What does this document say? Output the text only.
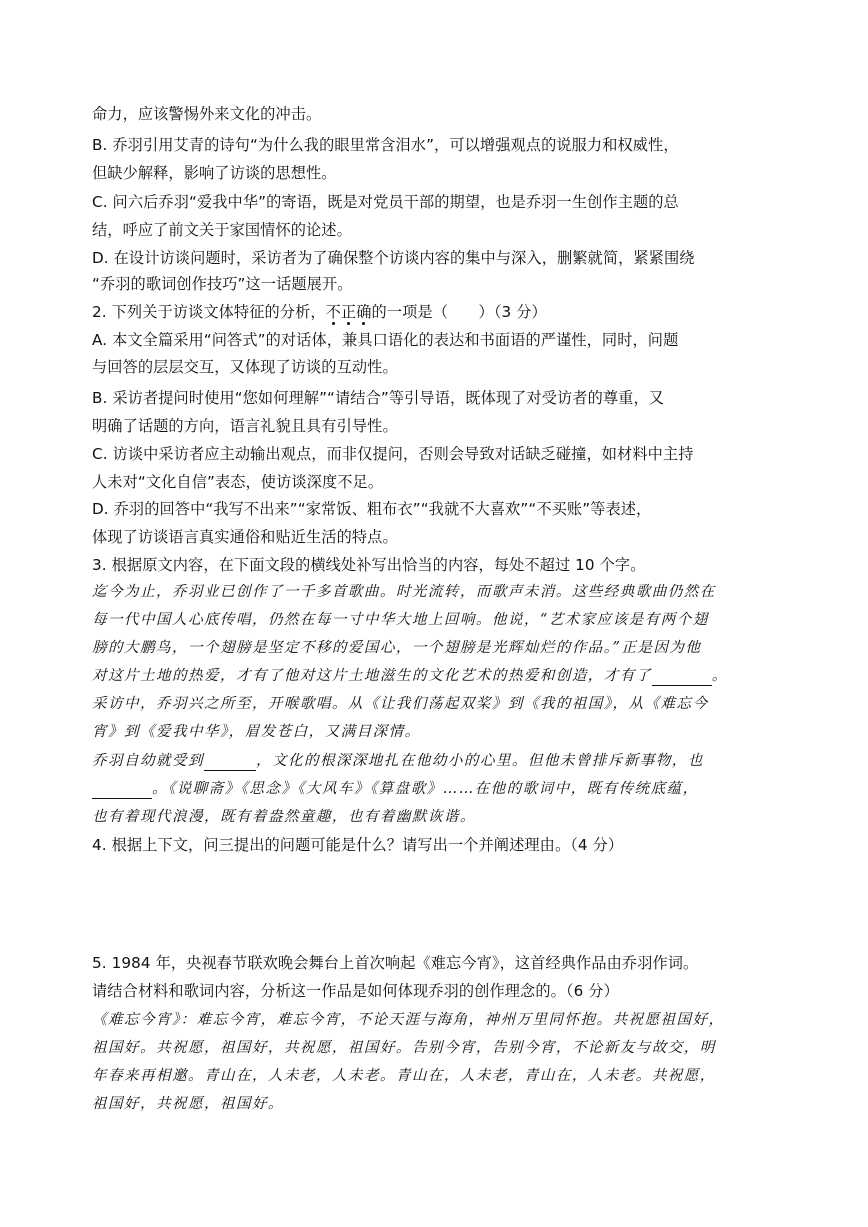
命力，应该警惕外来文化的冲击。
B. 乔羽引用艾青的诗句“为什么我的眼里常含泪水”，可以增强观点的说服力和权威性，
但缺少解释，影响了访谈的思想性。
C. 问六后乔羽“爱我中华”的寄语，既是对党员干部的期望，也是乔羽一生创作主题的总
结，呼应了前文关于家国情怀的论述。
D. 在设计访谈问题时，采访者为了确保整个访谈内容的集中与深入，删繁就简，紧紧围绕
“乔羽的歌词创作技巧”这一话题展开。
2. 下列关于访谈文体特征的分析，不正确的一项是（　　）（3 分）
A. 本文全篇采用“问答式”的对话体，兼具口语化的表达和书面语的严谨性，同时，问题
与回答的层层交互，又体现了访谈的互动性。
B. 采访者提问时使用“您如何理解”“请结合”等引导语，既体现了对受访者的尊重，又
明确了话题的方向，语言礼貌且具有引导性。
C. 访谈中采访者应主动输出观点，而非仅提问，否则会导致对话缺乏碰撞，如材料中主持
人未对“文化自信”表态，使访谈深度不足。
D. 乔羽的回答中“我写不出来”“家常饭、粗布衣”“我就不大喜欢”“不买账”等表述，
体现了访谈语言真实通俗和贴近生活的特点。
3. 根据原文内容，在下面文段的横线处补写出恰当的内容，每处不超过 10 个字。
迄今为止，乔羽业已创作了一千多首歌曲。时光流转，而歌声未消。这些经典歌曲仍然在
每一代中国人心底传唱，仍然在每一寸中华大地上回响。他说，“艺术家应该是有两个翅
膀的大鹏鸟，一个翅膀是坚定不移的爱国心，一个翅膀是光辉灿烂的作品。”正是因为他
对这片土地的热爱，才有了他对这片土地滋生的文化艺术的热爱和创造，才有了	。
采访中，乔羽兴之所至，开喉歌唱。从《让我们荡起双桨》到《我的祖国》，从《难忘今
宵》到《爱我中华》，眉发苍白，又满目深情。
乔羽自幼就受到	，文化的根深深地扎在他幼小的心里。但他未曾排斥新事物，也
。《说聊斋》《思念》《大风车》《算盘歌》……在他的歌词中，既有传统底蕴，
也有着现代浪漫，既有着盎然童趣，也有着幽默诙谐。
4. 根据上下文，问三提出的问题可能是什么？请写出一个并阐述理由。（4 分）
5. 1984 年，央视春节联欢晚会舞台上首次响起《难忘今宵》，这首经典作品由乔羽作词。
请结合材料和歌词内容，分析这一作品是如何体现乔羽的创作理念的。（6 分）
《难忘今宵》：难忘今宵，难忘今宵，不论天涯与海角，神州万里同怀抱。共祝愿祖国好，
祖国好。共祝愿，祖国好，共祝愿，祖国好。告别今宵，告别今宵，不论新友与故交，明
年春来再相邀。青山在，人未老，人未老。青山在，人未老，青山在，人未老。共祝愿，
祖国好，共祝愿，祖国好。
